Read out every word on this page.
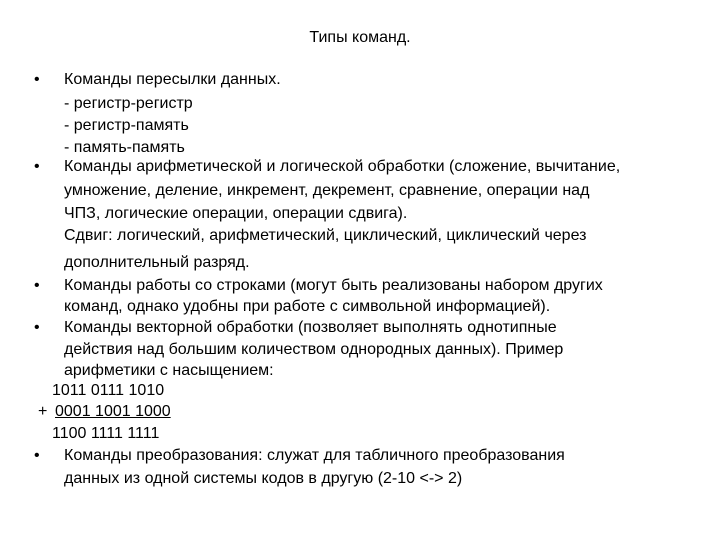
Типы команд.
• Команды пересылки данных.
- регистр-регистр
- регистр-память
- память-память
• Команды арифметической и логической обработки (сложение, вычитание,
умножение, деление, инкремент, декремент, сравнение, операции над
ЧПЗ, логические операции, операции сдвига).
Сдвиг: логический, арифметический, циклический, циклический через
дополнительный разряд.
• Команды работы со строками (могут быть реализованы набором других
команд, однако удобны при работе с символьной информацией).
• Команды векторной обработки (позволяет выполнять однотипные
действия над большим количеством однородных данных). Пример
арифметики с насыщением:
1011 0111 1010
+ 0001 1001 1000
1100 1111 1111
• Команды преобразования: служат для табличного преобразования
данных из одной системы кодов в другую (2-10 <-> 2)
